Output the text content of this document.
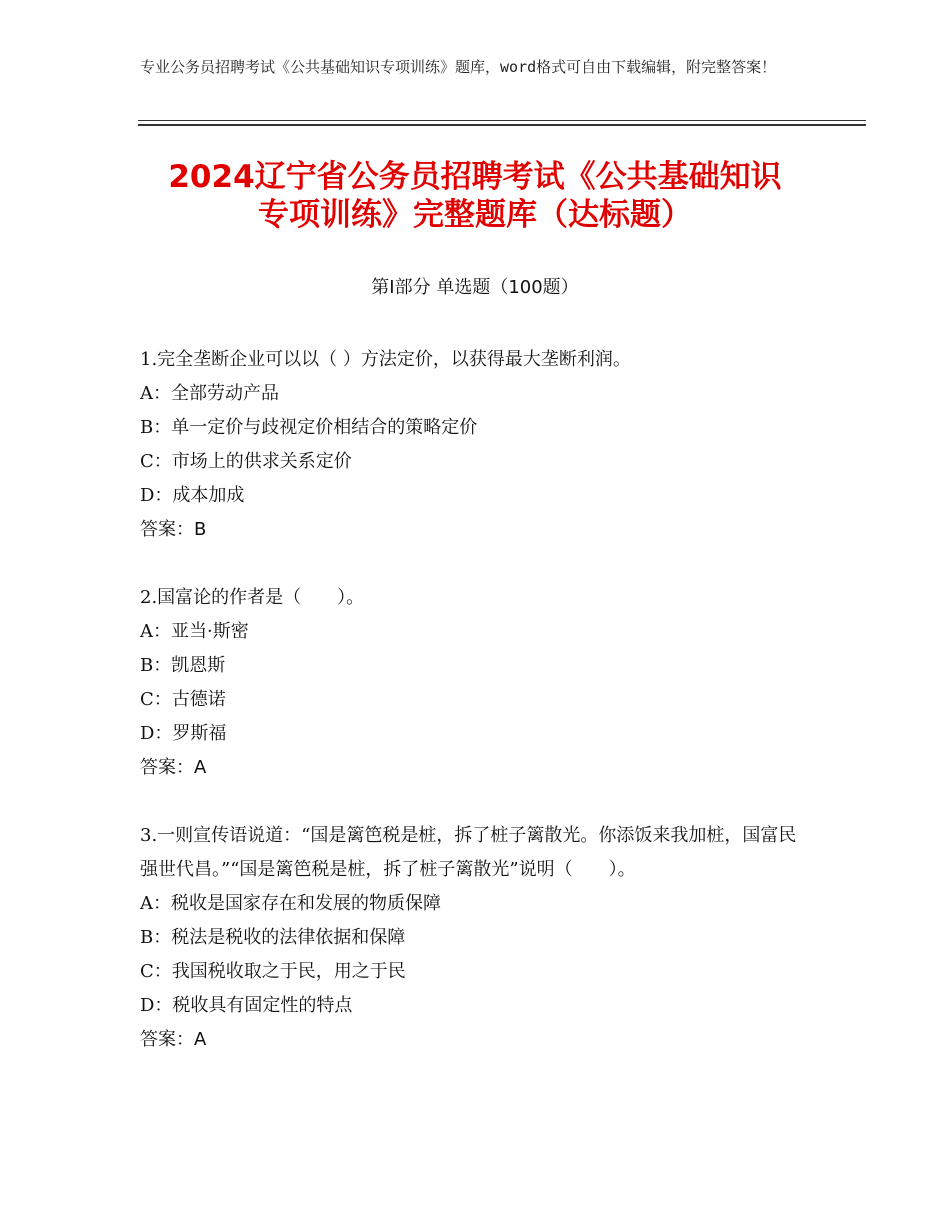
专业公务员招聘考试《公共基础知识专项训练》题库，word格式可自由下载编辑，附完整答案！
2024辽宁省公务员招聘考试《公共基础知识
专项训练》完整题库（达标题）
第I部分 单选题（100题）
1.完全垄断企业可以以（ ）方法定价，以获得最大垄断利润。
A：全部劳动产品
B：单一定价与歧视定价相结合的策略定价
C：市场上的供求关系定价
D：成本加成
答案：B
2.国富论的作者是（　　）。
A：亚当·斯密
B：凯恩斯
C：古德诺
D：罗斯福
答案：A
3.一则宣传语说道：“国是篱笆税是桩，拆了桩子篱散光。你添饭来我加桩，国富民强世代昌。”“国是篱笆税是桩，拆了桩子篱散光”说明（　　）。
A：税收是国家存在和发展的物质保障
B：税法是税收的法律依据和保障
C：我国税收取之于民，用之于民
D：税收具有固定性的特点
答案：A
